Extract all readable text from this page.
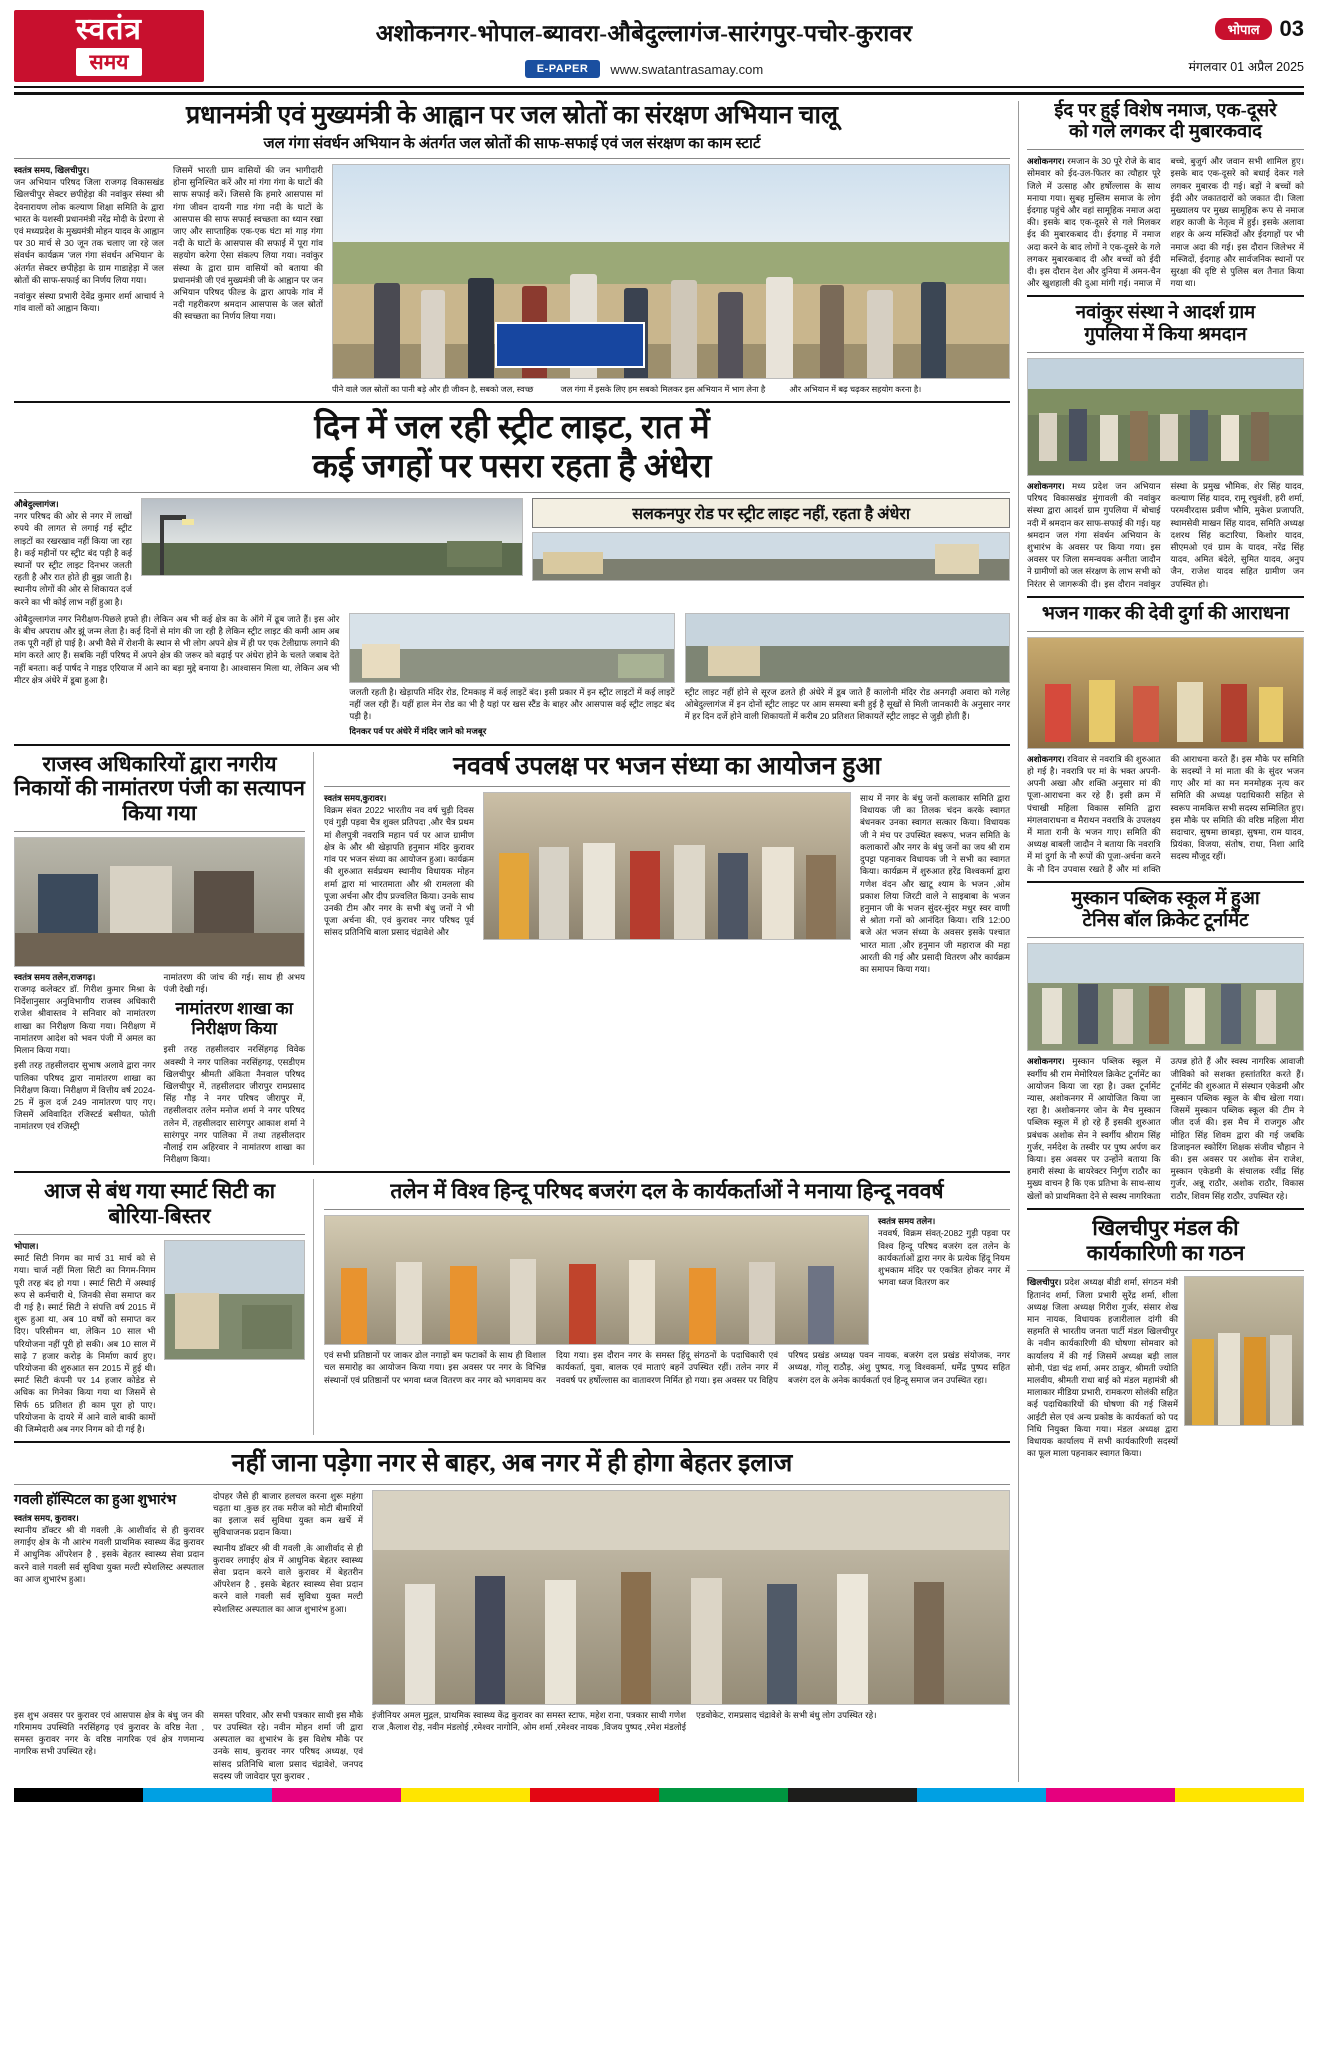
स्वतंत्र
समय
अशोकनगर-भोपाल-ब्यावरा-औबेदुल्लागंज-सारंगपुर-पचोर-कुरावर
E-PAPER	www.swatantrasamay.com
भोपाल 03
मंगलवार 01 अप्रैल 2025
प्रधानमंत्री एवं मुख्यमंत्री के आह्वान पर जल स्रोतों का संरक्षण अभियान चालू
जल गंगा संवर्धन अभियान के अंतर्गत जल स्रोतों की साफ-सफाई एवं जल संरक्षण का काम स्टार्ट
स्वतंत्र समय, खिलचीपुर।
जन अभियान परिषद जिला राजगढ़ विकासखंड खिलचीपुर सेक्टर छपीहेड़ा की नवांकुर संस्था श्री देवनारायण लोक कल्याण शिक्षा समिति के द्वारा भारत के यशस्वी प्रधानमंत्री नरेंद्र मोदी के प्रेरणा से एवं मध्यप्रदेश के मुख्यमंत्री मोहन यादव के आह्वान पर 30 मार्च से 30 जून तक चलाए जा रहे जल संवर्धन कार्यक्रम 'जल गंगा संवर्धन अभियान' के अंतर्गत सेक्टर छपीहेड़ा के ग्राम गाडाहेड़ा में जल स्रोतों की साफ-सफाई का निर्णय लिया गया।
नवांकुर संस्था प्रभारी देवेंद्र कुमार शर्मा आचार्य ने गांव वालों को आह्वान किया।
जिसमें भारती ग्राम वासियों की जन भागीदारी होना सुनिश्चित करें और मां गंगा गंगा के घाटों की साफ सफाई करें। जिससे कि हमारे आसपास मां गंगा जीवन दायनी गाड गंगा नदी के घाटों के आसपास की साफ सफाई स्वच्छता का ध्यान रखा जाए और साप्ताहिक एक-एक घंटा मां गाड़ गंगा नदी के घाटों के आसपास की सफाई में पूरा गांव सहयोग करेगा ऐसा संकल्प लिया गया। नवांकुर संस्था के द्वारा ग्राम वासियों को बताया की प्रधानमंत्री जी एवं मुख्यमंत्री जी के आह्वान पर जन अभियान परिषद फील्ड के द्वारा आपके गांव में नदी गहरीकरण श्रमदान आसपास के जल स्रोतों की स्वच्छता का निर्णय लिया गया।
पीने वाले जल स्रोतों का पानी बड़े और ही जीवन है, सबको जल, स्वच्छ	जल गंगा में इसके लिए हम सबको मिलकर इस अभियान में भाग लेना है	और अभियान में बढ़ चढ़कर सहयोग करना है।
दिन में जल रही स्ट्रीट लाइट, रात में
कई जगहों पर पसरा रहता है अंधेरा
औबेदुल्लागंज।
नगर परिषद की ओर से नगर में लाखों रुपये की लागत से लगाई गई स्ट्रीट लाइटों का रखरखाव नहीं किया जा रहा है। कई महीनों पर स्ट्रीट बंद पड़ी है कई स्थानों पर स्ट्रीट लाइट दिनभर जलती रहती है और रात होते ही बुझ जाती है। स्थानीय लोगों की ओर से शिकायत दर्ज करने का भी कोई लाभ नहीं हुआ है।
सलकनपुर रोड पर स्ट्रीट लाइट नहीं, रहता है अंधेरा
ओबैदुल्लागंज नगर निरीक्षण-पिछले हफ्ते ही। लेकिन अब भी कई क्षेत्र का के ऑगे में ढूब जाते हैं। इस ओर के बीच अपराध और झूं जन्म लेता है। कई दिनों से मांग की जा रही है लेकिन स्ट्रीट लाइट की कमी आम अब तक पूरी नहीं हो पाई है। अभी वैसे में रोशनी के स्थान से भी लोग अपने क्षेत्र में ही पर एक टेलीग्राफ लगाने की मांग करते आए हैं। सबकि नहीं परिषद में अपने क्षेत्र की जरूर को बढ़ाई पर अंधेरा होने के चलते जबाब देते नहीं बनता। कई पार्षद ने गाइड एरियाज में आने का बड़ा मुद्दे बनाया है। आश्वासन मिला था, लेकिन अब भी मीटर क्षेत्र अंधेरे में डूबा हुआ है।
जलती रहती है। खेड़ापति मंदिर रोड, टिमकाइ में कई लाइटें बंद। इसी प्रकार में इन स्ट्रीट लाइटों में कई लाइटें नहीं जल रही हैं। यहीं हाल मेन रोड का भी है यहां पर खस स्टैंड के बाहर और आसपास कई स्ट्रीट लाइट बंद पड़ी है।
दिनकर पर्व पर अंधेरे में मंदिर जाने को मजबूर
स्ट्रीट लाइट नहीं होने से सूरज ढलते ही अंधेरे में डूब जाते हैं कालोनी मंदिर रोड अनगढ़ी अवारा को गलेह ओबेदुल्लागंज में इन दोनों स्ट्रीट लाइट पर आम समस्या बनी हुई है सूखों से मिली जानकारी के अनुसार नगर में हर दिन दर्जे होने वाली शिकायतों में करीब 20 प्रतिशत शिकायतें स्ट्रीट लाइट से जुड़ी होती हैं।
राजस्व अधिकारियों द्वारा नगरीय निकायों की नामांतरण पंजी का सत्यापन किया गया
स्वतंत्र समय तलेन,राजगढ़।
राजगढ़ कलेक्टर डॉ. गिरीश कुमार मिश्रा के निर्देशानुसार अनुविभागीय राजस्व अधिकारी राजेश श्रीवास्तव ने सनिवार को नामांतरण शाखा का निरीक्षण किया गया। निरीक्षण में नामांतरण आदेश को भवन पंजी में अमल का मिलान किया गया।
इसी तरह तहसीलदार सुभाष अलावे द्वारा नगर पालिका परिषद द्वारा नामांतरण शाखा का निरीक्षण किया। निरीक्षण में वित्तीय वर्ष 2024-25 में कुल दर्ज 249 नामांतरण पाए गए। जिसमें अविवादित रजिस्टर्ड बसीयत, फोती नामांतरण एवं रजिस्ट्री
नामांतरण की जांच की गई। साथ ही अभय पंजी देखी गई।
नामांतरण शाखा का निरीक्षण किया
इसी तरह तहसीलदार नरसिंहगढ़ विवेक अवस्थी ने नगर पालिका नरसिंहगढ़, एसडीएम खिलचीपुर श्रीमती अंकिता नैनवाल परिषद खिलचीपुर में, तहसीलदार जीरापुर रामप्रसाद सिंह गौड़ ने नगर परिषद जीरापुर में, तहसीलदार तलेन मनोज शर्मा ने नगर परिषद तलेन में, तहसीलदार सारंगपुर आकाश शर्मा ने सारंगपुर नगर पालिका में तथा तहसीलदार नौलाई राम अहिरवार ने नामांतरण शाखा का निरीक्षण किया।
नववर्ष उपलक्ष पर भजन संध्या का आयोजन हुआ
स्वतंत्र समय,कुरावर।
विक्रम संवत 2022 भारतीय नव वर्ष चुड़ी दिवस एवं गुड़ी पड़वा चैत्र शुक्ल प्रतिपदा ,और चैत्र प्रथम मां शैलपुत्री नवरात्रि महान पर्व पर आज ग्रामीण क्षेत्र के और श्री खेड़ापति हनुमान मंदिर कुरावर गांव पर भजन संध्या का आयोजन हुआ। कार्यक्रम की शुरुआत सर्वप्रथम स्थानीय विधायक मोहन शर्मा द्वारा मां भारतमाता और श्री रामलला की पूजा अर्चना और दीप प्रज्वलित किया। उनके साथ उनकी टीम और नगर के सभी बंधु जनों ने भी पूजा अर्चना की, एवं कुरावर नगर परिषद पूर्व सांसद प्रतिनिधि बाला प्रसाद चंद्रावेशे और
साथ में नगर के बंधु जनों कलाकार समिति द्वारा विधायक जी का तिलक चंदन करके स्वागत बंधनकर उनका स्वागत सत्कार किया। विधायक जी ने मंच पर उपस्थित स्वरूप, भजन समिति के कलाकारों और नगर के बंधु जनों का जय श्री राम दुपट्टा पहनाकर विधायक जी ने सभी का स्वागत किया। कार्यक्रम में शुरुआत हरेंद्र विश्वकर्मा द्वारा गणेश वंदन और खाटू श्याम के भजन ,ओम प्रकाश लिया जिरटी वाले ने साइबाबा के भजन हनुमान जी के भजन सुंदर-सुंदर मधुर स्वर वाणी से श्रोता गनों को आनंदित किया। रात्रि 12:00 बजे अंत भजन संध्या के अवसर इसके पश्चात भारत माता ,और हनुमान जी महाराज की महा आरती की गई और प्रसादी वितरण और कार्यक्रम का समापन किया गया।
आज से बंध गया स्मार्ट सिटी का बोरिया-बिस्तर
भोपाल।
स्मार्ट सिटी निगम का मार्च 31 मार्च को से गया। चार्ज नहीं मिला सिटी का निगम-निगम पूरी तरह बंद हो गया । स्मार्ट सिटी में अस्थाई रूप से कर्मचारी थे, जिनकी सेवा समाप्त कर दी गई है। स्मार्ट सिटी ने संपत्ति वर्ष 2015 में शुरू हुआ था, अब 10 वर्षों को समाप्त कर दिए। परिसीमन था, लेकिन 10 साल भी परियोजना नहीं पूरी हो सकी। अब 10 साल में साढ़े 7 हजार करोड़ के निर्माण कार्य हुए। परियोजना की शुरुआत सन 2015 में हुई थी। स्मार्ट सिटी कंपनी पर 14 हजार कोडेड से अधिक का गिनेका किया गया था जिसमें से सिर्फ 65 प्रतिशत ही काम पूरा हो पाए। परियोजना के दायरे में आने वाले बाकी कामों की जिम्मेदारी अब नगर निगम को दी गई है।
तलेन में विश्व हिन्दू परिषद बजरंग दल के कार्यकर्ताओं ने मनाया हिन्दू नववर्ष
स्वतंत्र समय तलेन।
नववर्ष, विक्रम संवत्-2082 गुड़ी पड़वा पर विश्व हिन्दू परिषद बजरंग दल तलेन के कार्यकर्ताओं द्वारा नगर के प्रत्येक हिंदू नियम शुभकाम मंदिर पर एकत्रित होकर नगर में भगवा ध्वज वितरण कर
एवं सभी प्रतिष्ठानों पर जाकर ढोल नगाड़ों बम फटाकों के साथ ही विशाल चल समारोह का आयोजन किया गया। इस अवसर पर नगर के विभिन्न संस्थानों एवं प्रतिष्ठानों पर भगवा ध्वज वितरण कर नगर को भगवामय कर दिया गया। इस दौरान नगर के समस्त हिंदू संगठनों के पदाधिकारी एवं कार्यकर्ता, युवा, बालक एवं माताएं बहनें उपस्थित रहीं। तलेन नगर में नववर्ष पर हर्षोल्लास का वातावरण निर्मित हो गया। इस अवसर पर विहिप परिषद प्रखंड अध्यक्ष पवन नायक, बजरंग दल प्रखंड संयोजक, नगर अध्यक्ष, गोलू राठौड़, अंशु पुष्पद, गजू विश्वकर्मा, धर्मेंद्र पुष्पद सहित बजरंग दल के अनेक कार्यकर्ता एवं हिन्दू समाज जन उपस्थित रहा।
नहीं जाना पड़ेगा नगर से बाहर, अब नगर में ही होगा बेहतर इलाज
गवली हॉस्पिटल का हुआ शुभारंभ
स्वतंत्र समय, कुरावर।
स्थानीय डॉक्टर श्री वी गवली ,के आशीर्वाद से ही कुरावर लगाईए क्षेत्र के नौ आरंभ गवली प्राथमिक स्वास्थ्य केंद्र कुरावर में आधुनिक ऑपरेशन है , इसके बेहतर स्वास्थ्य सेवा प्रदान करने वाले गवली सर्व सुविधा युक्त मल्टी स्पेशलिस्ट अस्पताल का आज शुभारंभ हुआ।
दोपहर जैसे ही बाजार हलचल करना शुरू महंगा चढ़ता था ,कुछ हर तक मरीज को मोटी बीमारियों का इलाज सर्व सुविधा युक्त कम खर्चे में सुविधाजनक प्रदान किया।
स्थानीय डॉक्टर श्री वी गवली ,के आशीर्वाद से ही कुरावर लगाईए क्षेत्र में आधुनिक बेहतर स्वास्थ्य सेवा प्रदान करने वाले कुरावर में बेहतरीन ऑपरेशन है , इसके बेहतर स्वास्थ्य सेवा प्रदान करने वाले गवली सर्व सुविधा युक्त मल्टी स्पेशलिस्ट अस्पताल का आज शुभारंभ हुआ।
इस शुभ अवसर पर कुरावर एवं आसपास क्षेत्र के बंधु जन की गरिमामय उपस्थिति नरसिंहगढ़ एवं कुरावर के वरिष्ठ नेता , समस्त कुरावर नगर के वरिष्ठ नागरिक एवं क्षेत्र गणमान्य नागरिक सभी उपस्थित रहे।
समस्त परिवार, और सभी पत्रकार साथी इस मौके पर उपस्थित रहे। नवीन मोहन शर्मा जी द्वारा अस्पताल का शुभारंभ के इस विशेष मौके पर उनके साथ, कुरावर नगर परिषद अध्यक्ष, एवं सांसद प्रतिनिधि बाला प्रसाद चंद्रावेशे, जनपद सदस्य जी जावेदार पूरा कुरावर ,
इंजीनियर अमल मुद्गल, प्राथमिक स्वास्थ्य केंद्र कुरावर का समस्त स्टाफ, महेश राना, पत्रकार साथी गणेश राज ,कैलाश रोड़, नवीन मंडलोई ,रमेश्वर नागोनि, ओम शर्मा ,रमेश्वर नायक ,विजय पुष्पद ,रमेश मंडलोई एडवोकेट, रामप्रसाद चंद्रावेशे के सभी बंधु लोग उपस्थित रहे।
ईद पर हुई विशेष नमाज, एक-दूसरे
को गले लगकर दी मुबारकवाद
अशोकनगर। रमजान के 30 पूरे रोजे के बाद सोमवार को ईद-उल-फितर का त्यौहार पूरे जिले में उत्साह और हर्षोल्लास के साथ मनाया गया। सुबह मुस्लिम समाज के लोग ईदगाह पहुंचे और वहां सामूहिक नमाज अदा की। इसके बाद एक-दूसरे से गले मिलकर ईद की मुबारकबाद दी। ईदगाह में नमाज अदा करने के बाद लोगों ने एक-दूसरे के गले लगकर मुबारकबाद दी और बच्चों को ईदी दी। इस दौरान देश और दुनिया में अमन-चैन और खुशहाली की दुआ मांगी गई। नमाज में बच्चे, बुजुर्ग और जवान सभी शामिल हुए। इसके बाद एक-दूसरे को बधाई देकर गले लगकर मुबारक दी गई। बड़ों ने बच्चों को ईदी और जकातदारों को जकात दी। जिला मुख्यालय पर मुख्य सामूहिक रूप से नमाज शहर काजी के नेतृत्व में हुई। इसके अलावा शहर के अन्य मस्जिदों और ईदगाहों पर भी नमाज अदा की गई। इस दौरान जिलेभर में मस्जिदों, ईदगाह और सार्वजनिक स्थानों पर सुरक्षा की दृष्टि से पुलिस बल तैनात किया गया था।
नवांकुर संस्था ने आदर्श ग्राम
गुपलिया में किया श्रमदान
अशोकनगर। मध्य प्रदेश जन अभियान परिषद विकासखंड मुंगावली की नवांकुर संस्था द्वारा आदर्श ग्राम गुपलिया में बोचाई नदी में श्रमदान कर साफ-सफाई की गई। यह श्रमदान जल गंगा संवर्धन अभियान के शुभारंभ के अवसर पर किया गया। इस अवसर पर जिला समन्वयक अनीता जादौन ने ग्रामीणों को जल संरक्षण के लाभ सभी को निरंतर से जागरूकी दी। इस दौरान नवांकुर संस्था के प्रमुख भौमिक, शेर सिंह यादव, कल्याण सिंह यादव, रामू रघुवंशी, हरी शर्मा, परमवीरदास प्रवीण भौमि, मुकेश प्रजापति, स्थामसेवी माखन सिंह यादव, समिति अध्यक्ष दशरथ सिंह कटारिया, किशोर यादव, सीएमओ एवं ग्राम के यादव, नरेंद्र सिंह यादव, अमित बंदेले, सुमित यादव, अनुप जैन, राजेश यादव सहित ग्रामीण जन उपस्थित हो।
भजन गाकर की देवी दुर्गा की आराधना
अशोकनगर। रविवार से नवरात्रि की शुरुआत हो गई है। नवरात्रि पर मां के भक्त अपनी-अपनी अखा और शक्ति अनुसार मां की पूजा-आराधना कर रहे हैं। इसी क्रम में पंचाखी महिला विकास समिति द्वारा मंगलवाराधना व मैराथन नवरात्रि के उपलक्ष्य में माता रानी के भजन गाए। समिति की अध्यक्ष बाबली जादौन ने बताया कि नवरात्रि में मां दुर्गा के नौ रूपों की पूजा-अर्चना करने के नौ दिन उपवास रखते हैं और मां शक्ति की आराधना करते हैं। इस मौके पर समिति के सदस्यों ने मां माता की के सुंदर भजन गाए और मां का मन मनमोहक नृत्य कर समिति की अध्यक्ष पदाधिकारी सहित से स्वरूप नामकित्त सभी सदस्य सम्मिलित हुए। इस मौके पर समिति की वरिष्ठ महिला मीरा सदाचार, सुषमा छाबड़ा, सुषमा, राम यादव, प्रियंका, विजया, संतोष, राधा, निशा आदि सदस्य मौजूद रहीं।
मुस्कान पब्लिक स्कूल में हुआ
टेनिस बॉल क्रिकेट टूर्नामेंट
अशोकनगर। मुस्कान पब्लिक स्कूल में स्वर्गीय श्री राम मेमोरियल क्रिकेट टूर्नामेंट का आयोजन किया जा रहा है। उक्त टूर्नामेंट न्यास, अशोकनगर में आयोजित किया जा रहा है। अशोकनगर जोन के मैच मुस्कान पब्लिक स्कूल में हो रहे हैं इसकी शुरुआत प्रबंधक अशोक सेन ने स्वर्गीय श्रीराम सिंह गुर्जर, नर्मदेश के तस्वीर पर पुष्प अर्पण कर किया। इस अवसर पर उन्होंने बताया कि हमारी संस्था के बायरेक्टर निर्गुण राठौर का मुख्य वाचन है कि एक प्रतिभा के साथ-साथ खेलों को प्राथमिक्ता देने से स्वस्थ नागरिकता उत्पन्न होते हैं और स्वस्थ नागरिक आवाजी जीविको को सशक्त हस्तांतरित करते हैं। टूर्नामेंट की शुरुआत में संस्थान एकेडमी और मुस्कान पब्लिक स्कूल के बीच खेला गया। जिसमें मुस्कान पब्लिक स्कूल की टीम ने जीत दर्ज की। इस मैच में राजगुरु और मोहित सिंह शिवम द्वारा की गई जबकि डिजाइनल स्कोरिंग शिक्षक संजीव चौहान ने की। इस अवसर पर अशोक सेन राजेश, मुस्कान एकेडमी के संचालक रवींद्र सिंह गुर्जर, अन्नू राठौर, अशोक राठौर, विकास राठौर, शिवम सिंह राठौर, उपस्थित रहे।
खिलचीपुर मंडल की
कार्यकारिणी का गठन
खिलचीपुर। प्रदेश अध्यक्ष बीडी शर्मा, संगठन मंत्री हितानंद शर्मा, जिला प्रभारी सुरेंद्र शर्मा, शीला अध्यक्ष जिला अध्यक्ष गिरीश गुर्जर, संसार शेख मान नायक, विधायक हजारीलाल दांगी की सहमति से भारतीय जनता पार्टी मंडल खिलचीपुर के नवीन कार्यकारिणी की घोषणा सोमवार को कार्यालय में की गई जिसमें अध्यक्ष बड़ी लाल सोनी, पंडा चंद्र शर्मा, अमर ठाकुर, श्रीमती ज्योति मालवीय, श्रीमती राधा बाई को मंडल महामंत्री श्री मालाकार मीडिया प्रभारी, रामकरण सोलंकी सहित कई पदाधिकारियों की घोषणा की गई जिसमें आईटी सेल एवं अन्य प्रकोष्ठ के कार्यकर्ता को पद निधि नियुक्त किया गया। मंडल अध्यक्ष द्वारा विधायक कार्यालय में सभी कार्यकारिणी सदस्यों का फूल माला पहनाकर स्वागत किया।
